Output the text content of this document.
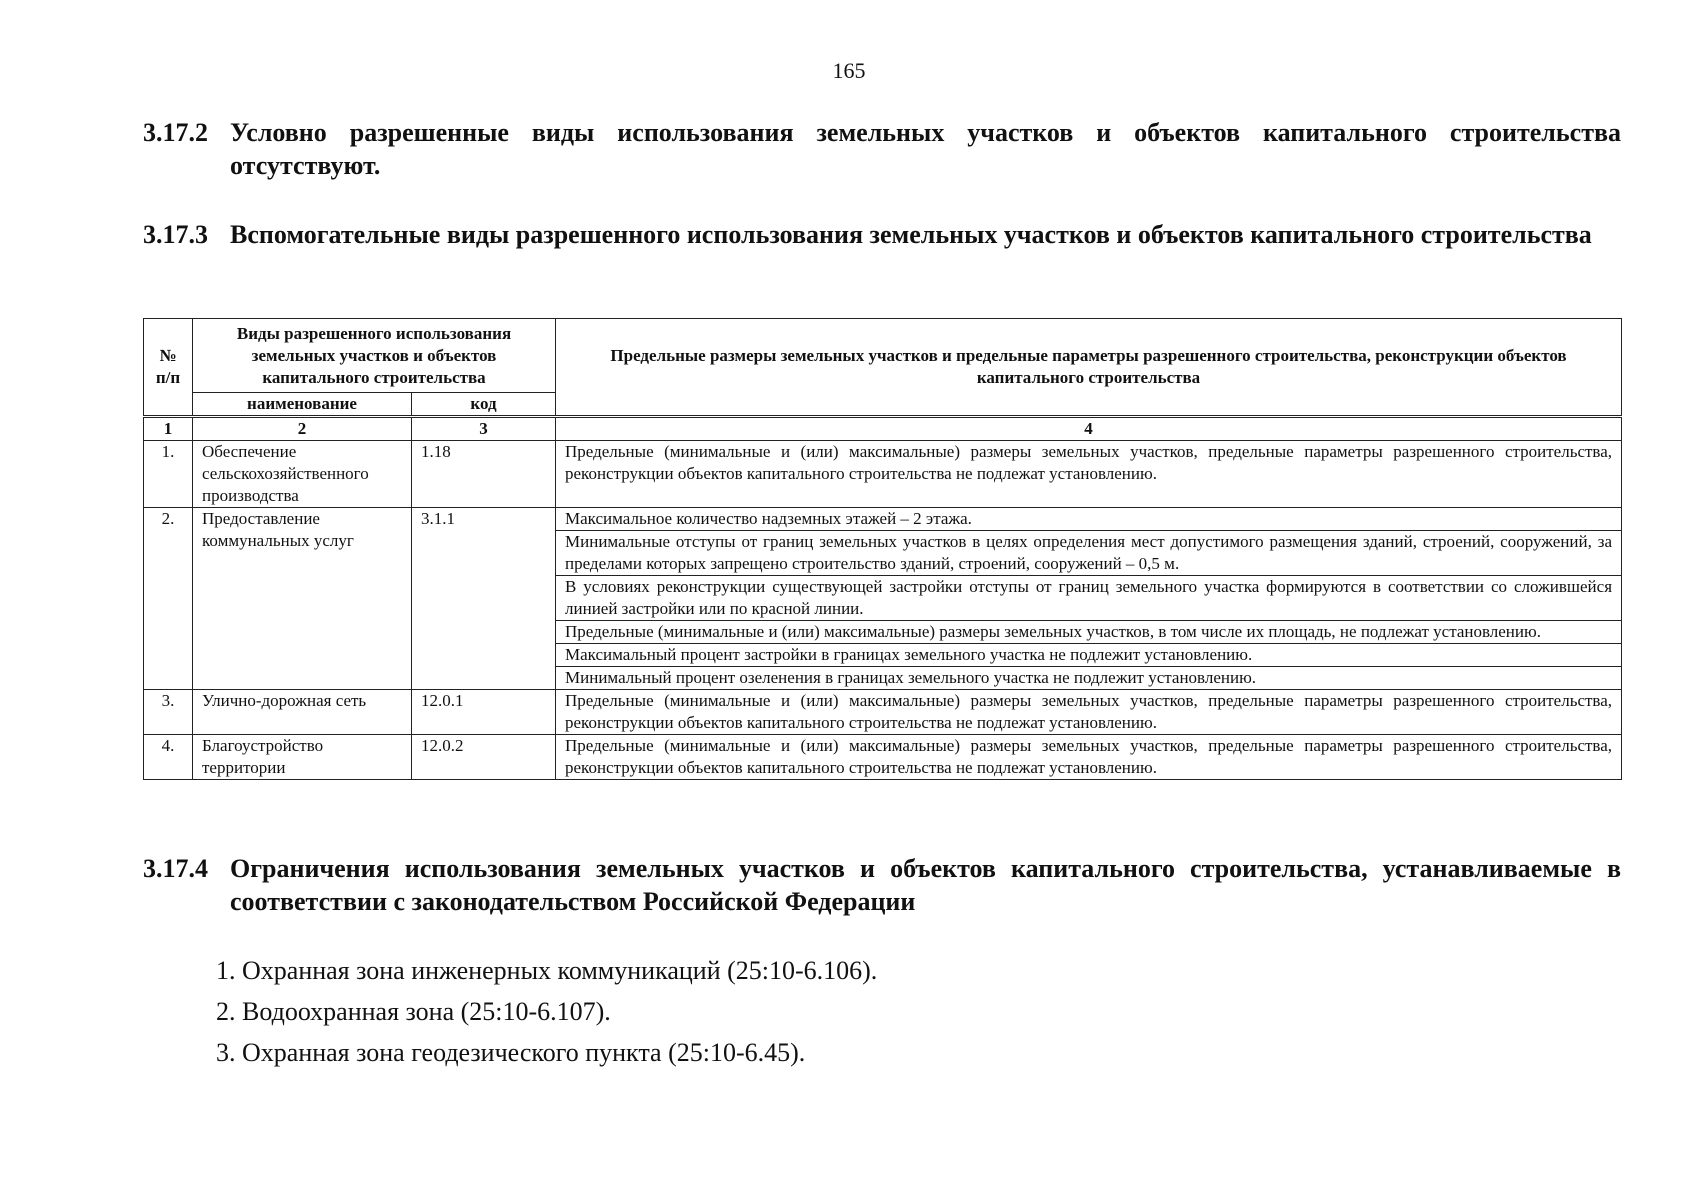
165
3.17.2 Условно разрешенные виды использования земельных участков и объектов капитального строительства отсутствуют.
3.17.3 Вспомогательные виды разрешенного использования земельных участков и объектов капитального строительства
№ п/п	Виды разрешенного использования земельных участков и объектов капитального строительства		Предельные размеры земельных участков и предельные параметры разрешенного строительства, реконструкции объектов капитального строительства
	наименование	код	
1	2	3	4
1.	Обеспечение сельскохозяйственного производства	1.18	Предельные (минимальные и (или) максимальные) размеры земельных участков, предельные параметры разрешенного строительства, реконструкции объектов капитального строительства не подлежат установлению.
2.	Предоставление коммунальных услуг	3.1.1	Максимальное количество надземных этажей – 2 этажа.
			Минимальные отступы от границ земельных участков в целях определения мест допустимого размещения зданий, строений, сооружений, за пределами которых запрещено строительство зданий, строений, сооружений – 0,5 м.
			В условиях реконструкции существующей застройки отступы от границ земельного участка формируются в соответствии со сложившейся линией застройки или по красной линии.
			Предельные (минимальные и (или) максимальные) размеры земельных участков, в том числе их площадь, не подлежат установлению.
			Максимальный процент застройки в границах земельного участка не подлежит установлению.
			Минимальный процент озеленения в границах земельного участка не подлежит установлению.
3.	Улично-дорожная сеть	12.0.1	Предельные (минимальные и (или) максимальные) размеры земельных участков, предельные параметры разрешенного строительства, реконструкции объектов капитального строительства не подлежат установлению.
4.	Благоустройство территории	12.0.2	Предельные (минимальные и (или) максимальные) размеры земельных участков, предельные параметры разрешенного строительства, реконструкции объектов капитального строительства не подлежат установлению.
3.17.4 Ограничения использования земельных участков и объектов капитального строительства, устанавливаемые в соответствии с законодательством Российской Федерации
1. Охранная зона инженерных коммуникаций (25:10-6.106).
2. Водоохранная зона (25:10-6.107).
3. Охранная зона геодезического пункта (25:10-6.45).
